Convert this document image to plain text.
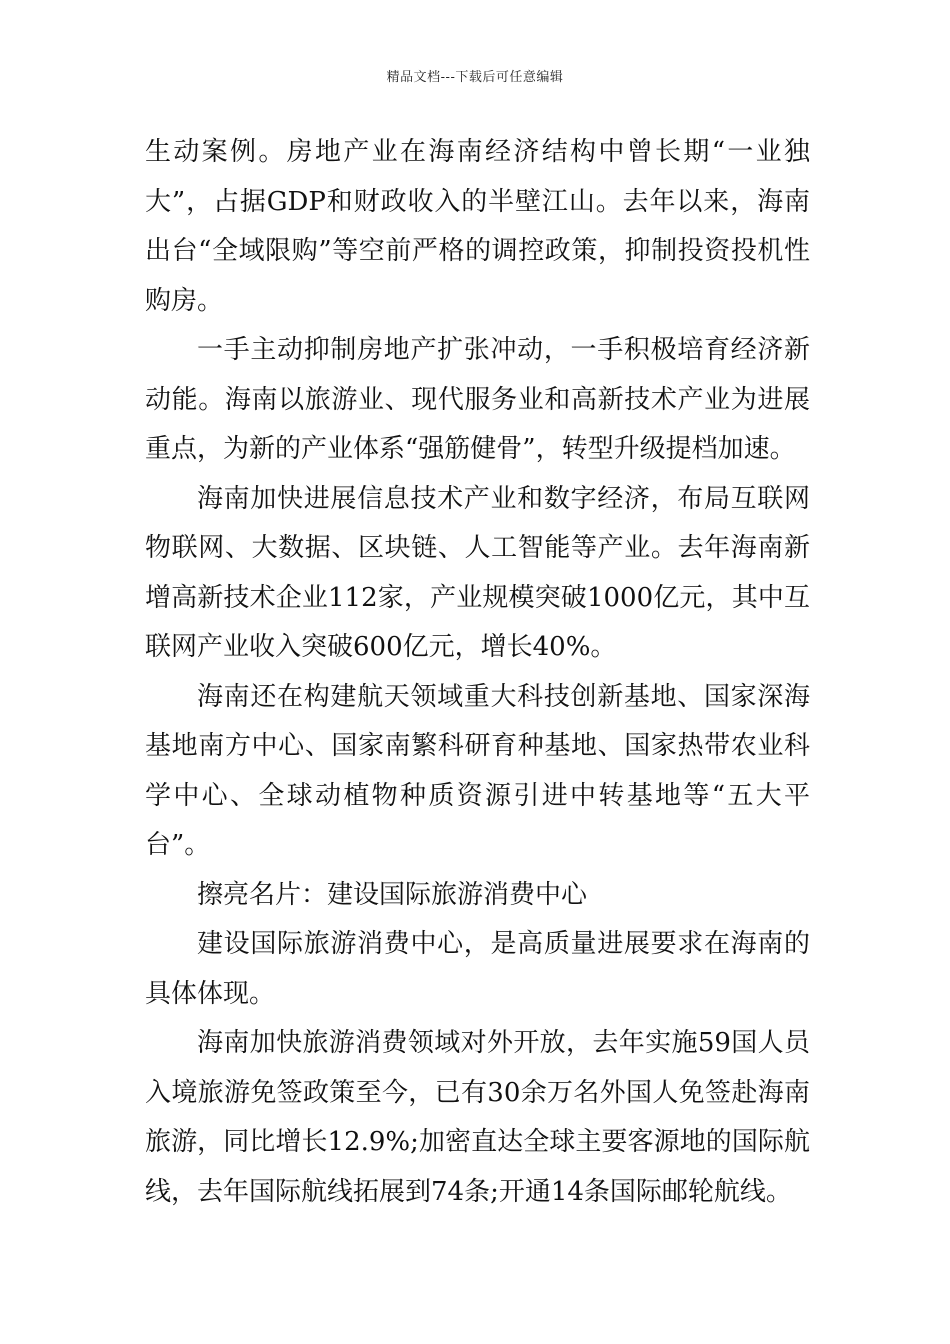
精品文档---下载后可任意编辑

生动案例。房地产业在海南经济结构中曾长期“一业独大”，占据GDP和财政收入的半壁江山。去年以来，海南出台“全域限购”等空前严格的调控政策，抑制投资投机性购房。

一手主动抑制房地产扩张冲动，一手积极培育经济新动能。海南以旅游业、现代服务业和高新技术产业为进展重点，为新的产业体系“强筋健骨”，转型升级提档加速。

海南加快进展信息技术产业和数字经济，布局互联网物联网、大数据、区块链、人工智能等产业。去年海南新增高新技术企业112家，产业规模突破1000亿元，其中互联网产业收入突破600亿元，增长40%。

海南还在构建航天领域重大科技创新基地、国家深海基地南方中心、国家南繁科研育种基地、国家热带农业科学中心、全球动植物种质资源引进中转基地等“五大平台”。

擦亮名片：建设国际旅游消费中心

建设国际旅游消费中心，是高质量进展要求在海南的具体体现。

海南加快旅游消费领域对外开放，去年实施59国人员入境旅游免签政策至今，已有30余万名外国人免签赴海南旅游，同比增长12.9%;加密直达全球主要客源地的国际航线，去年国际航线拓展到74条;开通14条国际邮轮航线。
